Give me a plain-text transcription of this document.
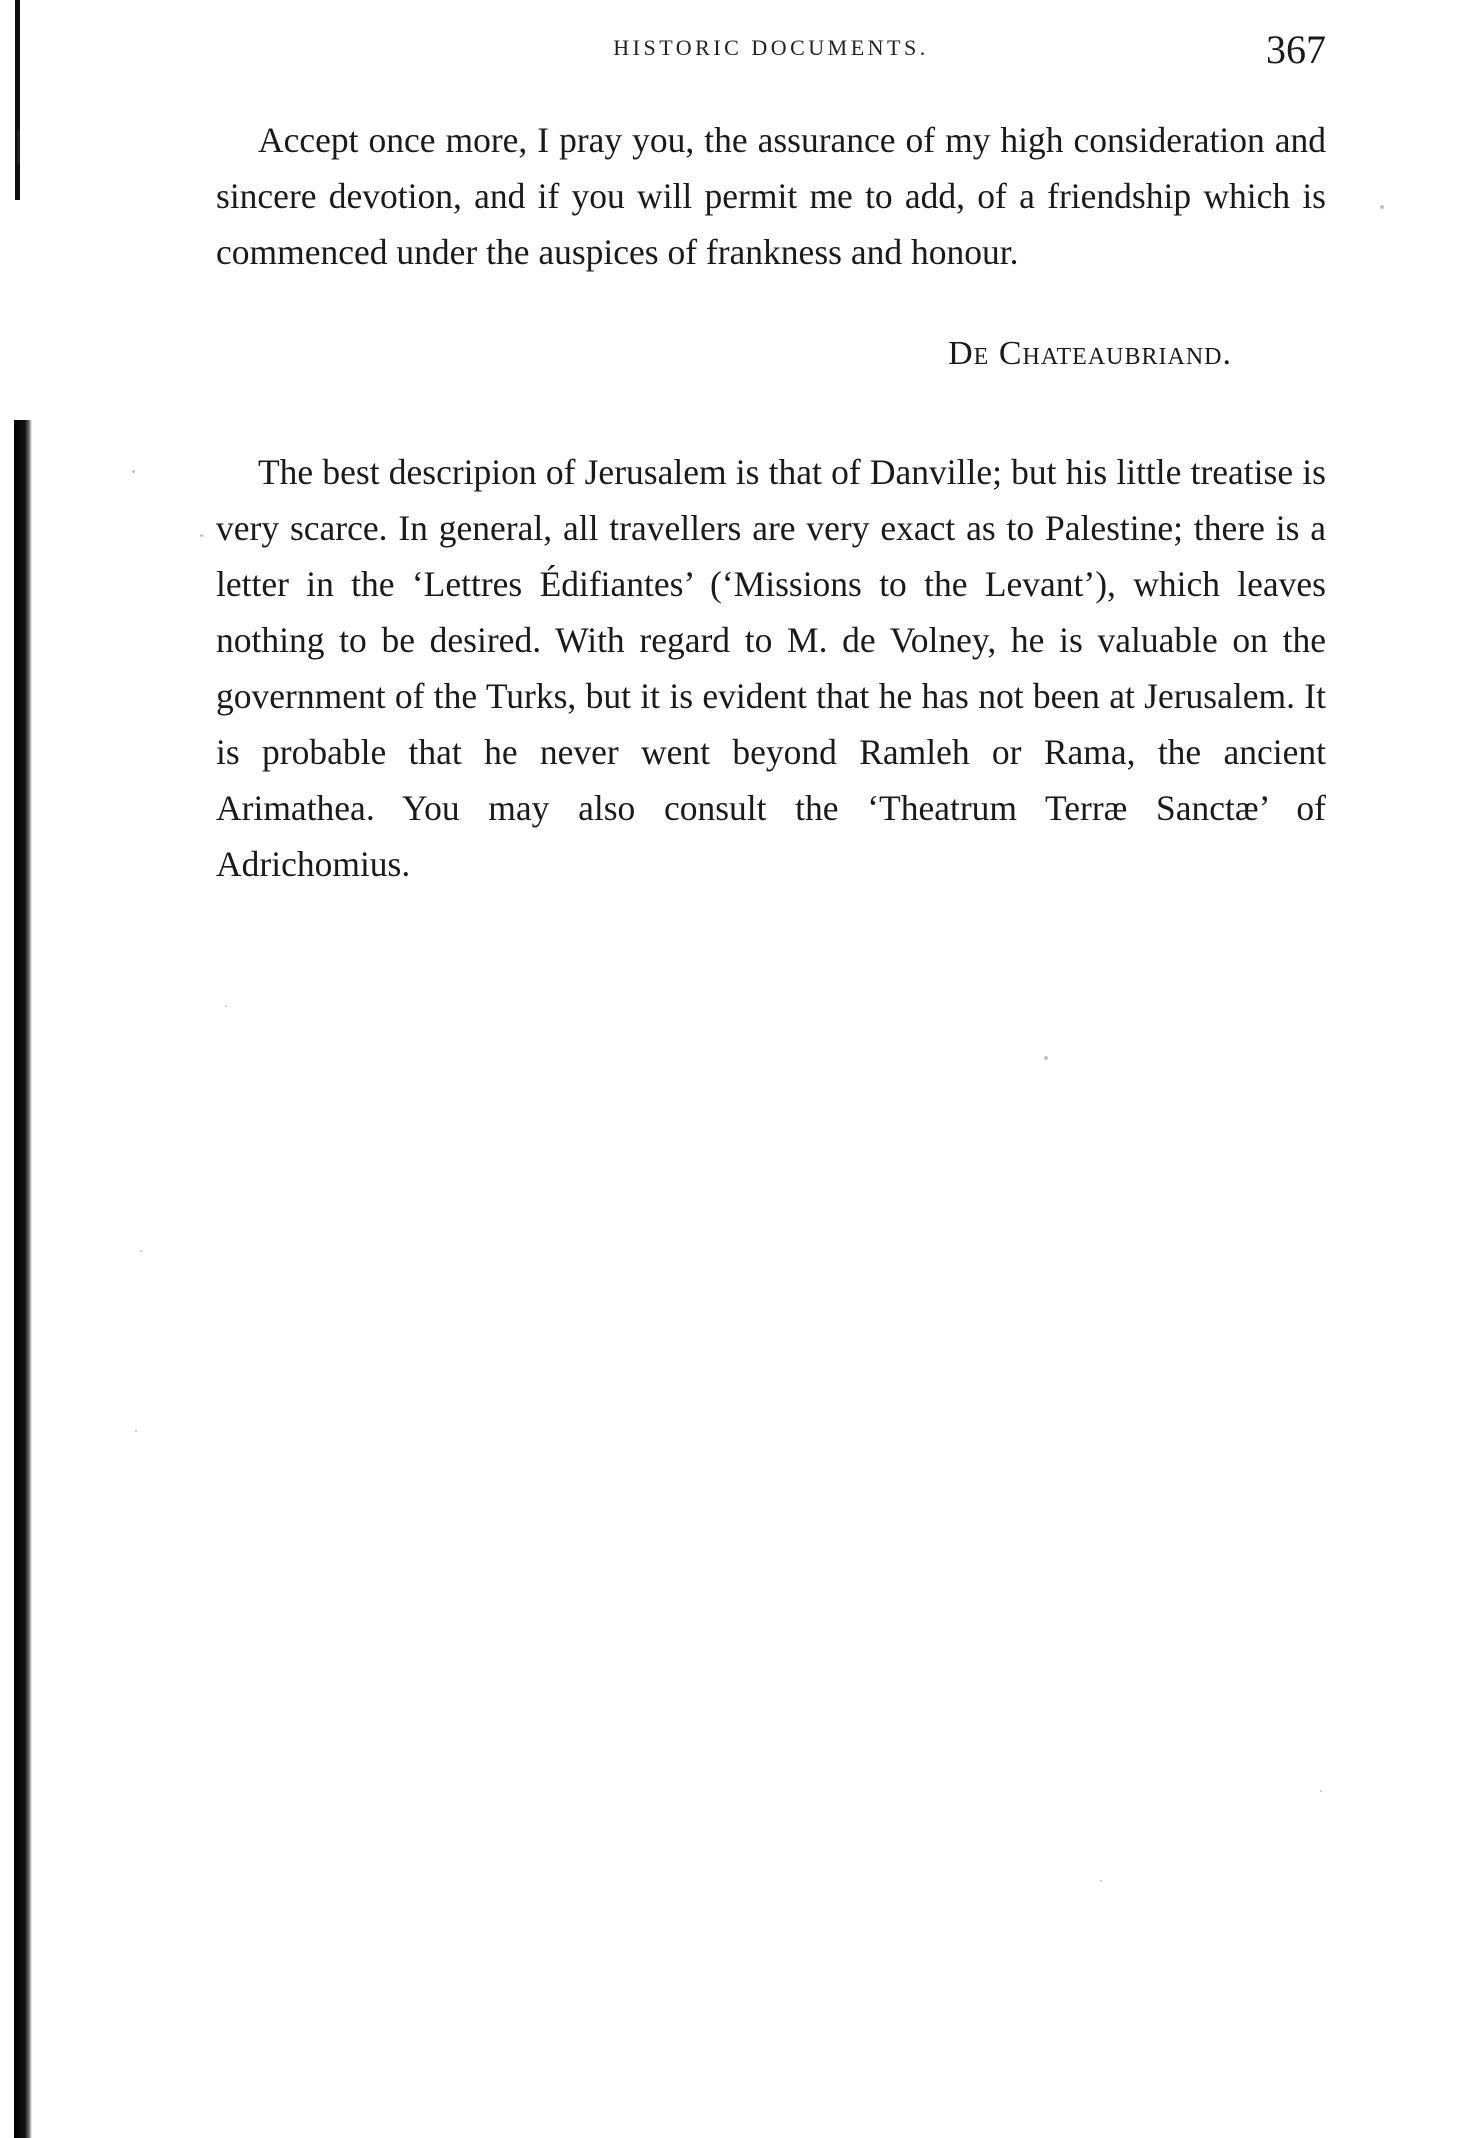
HISTORIC DOCUMENTS.	367

Accept once more, I pray you, the assurance of my high consideration and sincere devotion, and if you will permit me to add, of a friendship which is commenced under the auspices of frankness and honour.

De Chateaubriand.

The best descripion of Jerusalem is that of Danville; but his little treatise is very scarce. In general, all travellers are very exact as to Palestine; there is a letter in the ‘Lettres Édifiantes’ (‘Missions to the Levant’), which leaves nothing to be desired. With regard to M. de Volney, he is valuable on the government of the Turks, but it is evident that he has not been at Jerusalem. It is probable that he never went beyond Ramleh or Rama, the ancient Arimathea. You may also consult the ‘Theatrum Terræ Sanctæ’ of Adrichomius.
